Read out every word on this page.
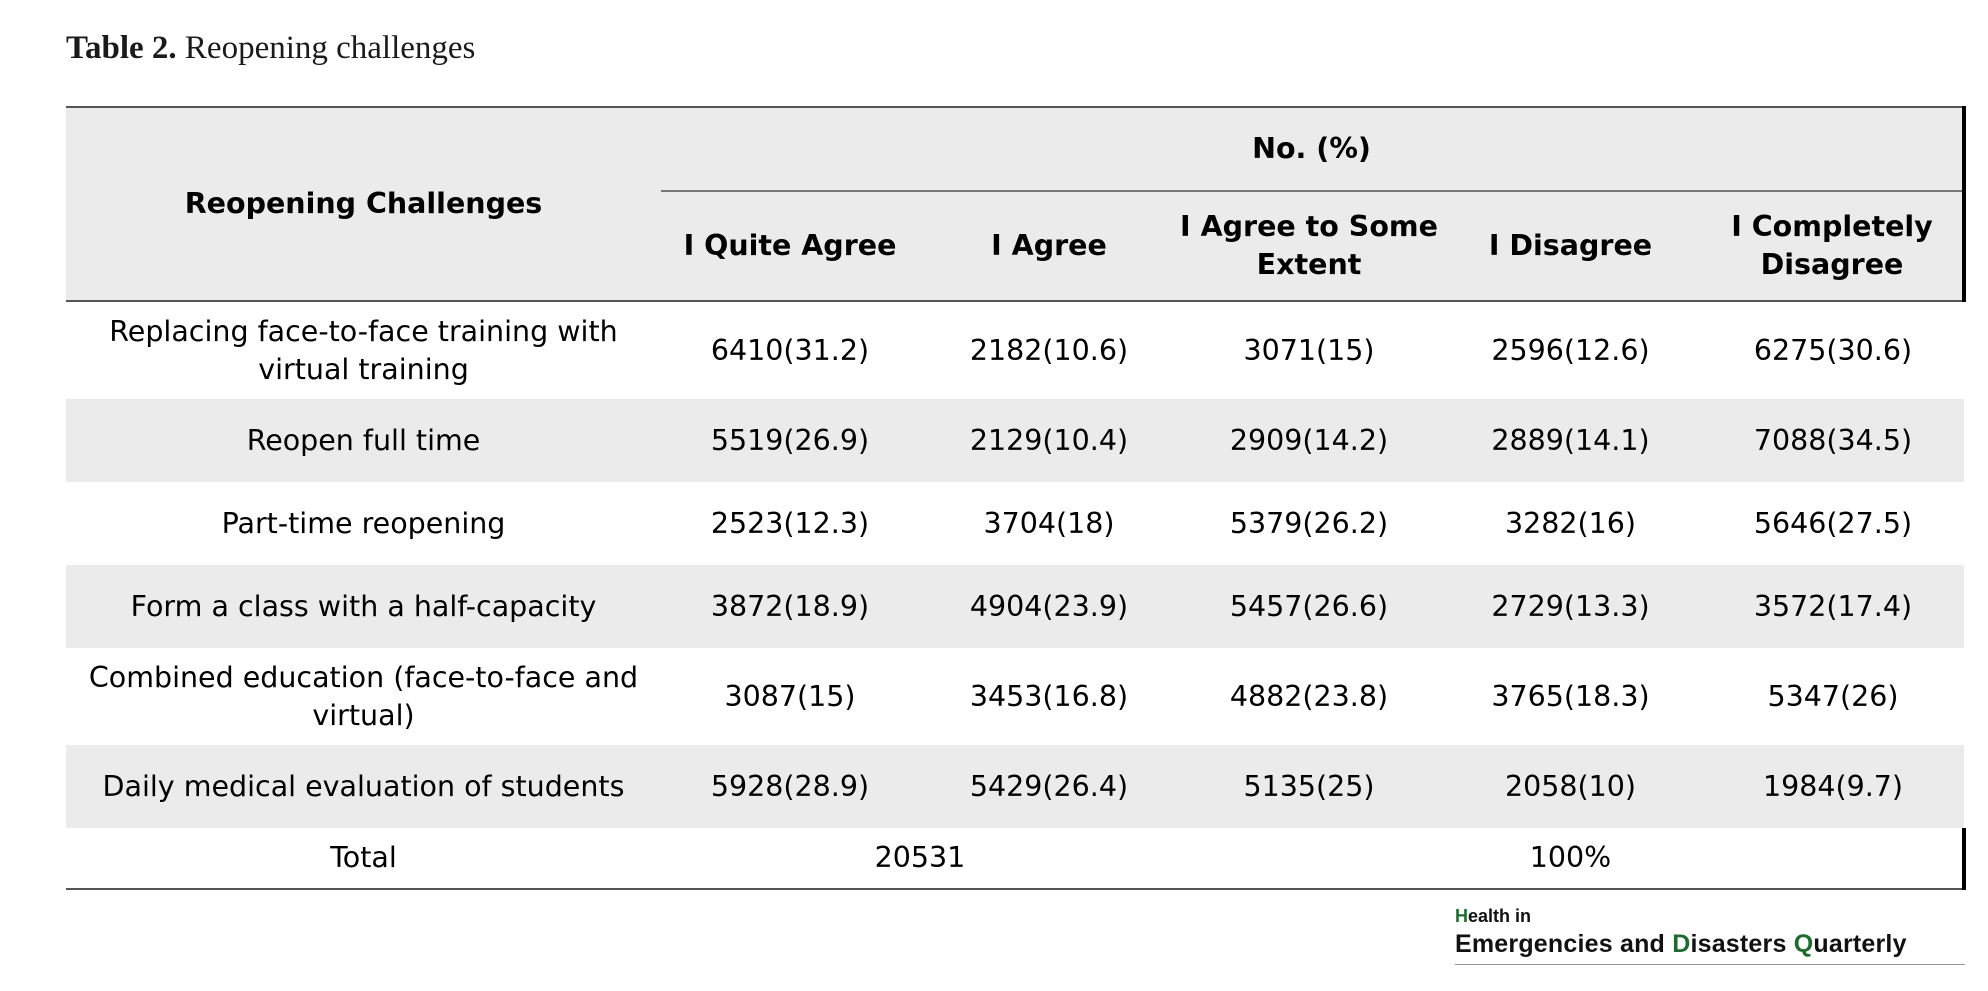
Table 2. Reopening challenges
Reopening Challenges	No. (%)				
	I Quite Agree	I Agree	I Agree to Some Extent	I Disagree	I Completely Disagree
Replacing face-to-face training with virtual training	6410(31.2)	2182(10.6)	3071(15)	2596(12.6)	6275(30.6)
Reopen full time	5519(26.9)	2129(10.4)	2909(14.2)	2889(14.1)	7088(34.5)
Part-time reopening	2523(12.3)	3704(18)	5379(26.2)	3282(16)	5646(27.5)
Form a class with a half-capacity	3872(18.9)	4904(23.9)	5457(26.6)	2729(13.3)	3572(17.4)
Combined education (face-to-face and virtual)	3087(15)	3453(16.8)	4882(23.8)	3765(18.3)	5347(26)
Daily medical evaluation of students	5928(28.9)	5429(26.4)	5135(25)	2058(10)	1984(9.7)
Total	20531		100%		
Health in
Emergencies and Disasters Quarterly
